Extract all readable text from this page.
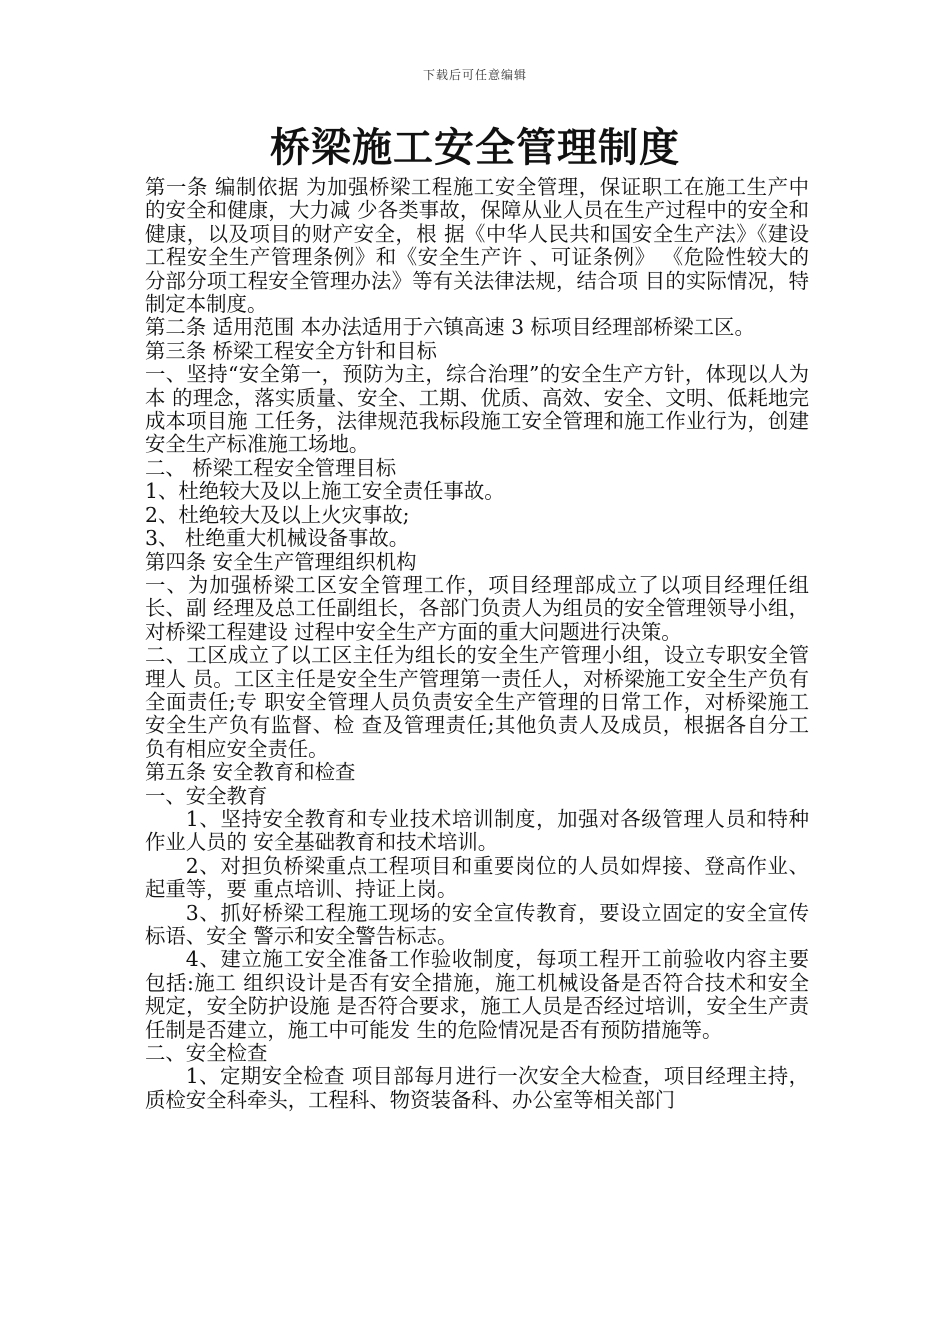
下载后可任意编辑
桥梁施工安全管理制度

第一条 编制依据 为加强桥梁工程施工安全管理，保证职工在施工生产中的安全和健康，大力减 少各类事故，保障从业人员在生产过程中的安全和健康，以及项目的财产安全，根 据《中华人民共和国安全生产法》《建设工程安全生产管理条例》和《安全生产许 、可证条例》 《危险性较大的分部分项工程安全管理办法》等有关法律法规，结合项 目的实际情况，特制定本制度。

第二条 适用范围 本办法适用于六镇高速 3 标项目经理部桥梁工区。

第三条 桥梁工程安全方针和目标

一、坚持“安全第一，预防为主，综合治理”的安全生产方针，体现以人为本 的理念，落实质量、安全、工期、优质、高效、安全、文明、低耗地完成本项目施 工任务，法律规范我标段施工安全管理和施工作业行为，创建安全生产标准施工场地。

二、 桥梁工程安全管理目标

1、杜绝较大及以上施工安全责任事故。

2、杜绝较大及以上火灾事故;

3、 杜绝重大机械设备事故。

第四条 安全生产管理组织机构

一、为加强桥梁工区安全管理工作，项目经理部成立了以项目经理任组长、副 经理及总工任副组长，各部门负责人为组员的安全管理领导小组，对桥梁工程建设 过程中安全生产方面的重大问题进行决策。

二、工区成立了以工区主任为组长的安全生产管理小组，设立专职安全管理人 员。工区主任是安全生产管理第一责任人，对桥梁施工安全生产负有全面责任;专 职安全管理人员负责安全生产管理的日常工作，对桥梁施工安全生产负有监督、检 查及管理责任;其他负责人及成员，根据各自分工负有相应安全责任。

第五条 安全教育和检查

一、安全教育

1、坚持安全教育和专业技术培训制度，加强对各级管理人员和特种作业人员的 安全基础教育和技术培训。

2、对担负桥梁重点工程项目和重要岗位的人员如焊接、登高作业、起重等，要 重点培训、持证上岗。

3、抓好桥梁工程施工现场的安全宣传教育，要设立固定的安全宣传标语、安全 警示和安全警告标志。

4、建立施工安全准备工作验收制度，每项工程开工前验收内容主要包括:施工 组织设计是否有安全措施，施工机械设备是否符合技术和安全规定，安全防护设施 是否符合要求，施工人员是否经过培训，安全生产责任制是否建立，施工中可能发 生的危险情况是否有预防措施等。

二、安全检查

1、定期安全检查 项目部每月进行一次安全大检查，项目经理主持，质检安全科牵头，工程科、物资装备科、办公室等相关部门
